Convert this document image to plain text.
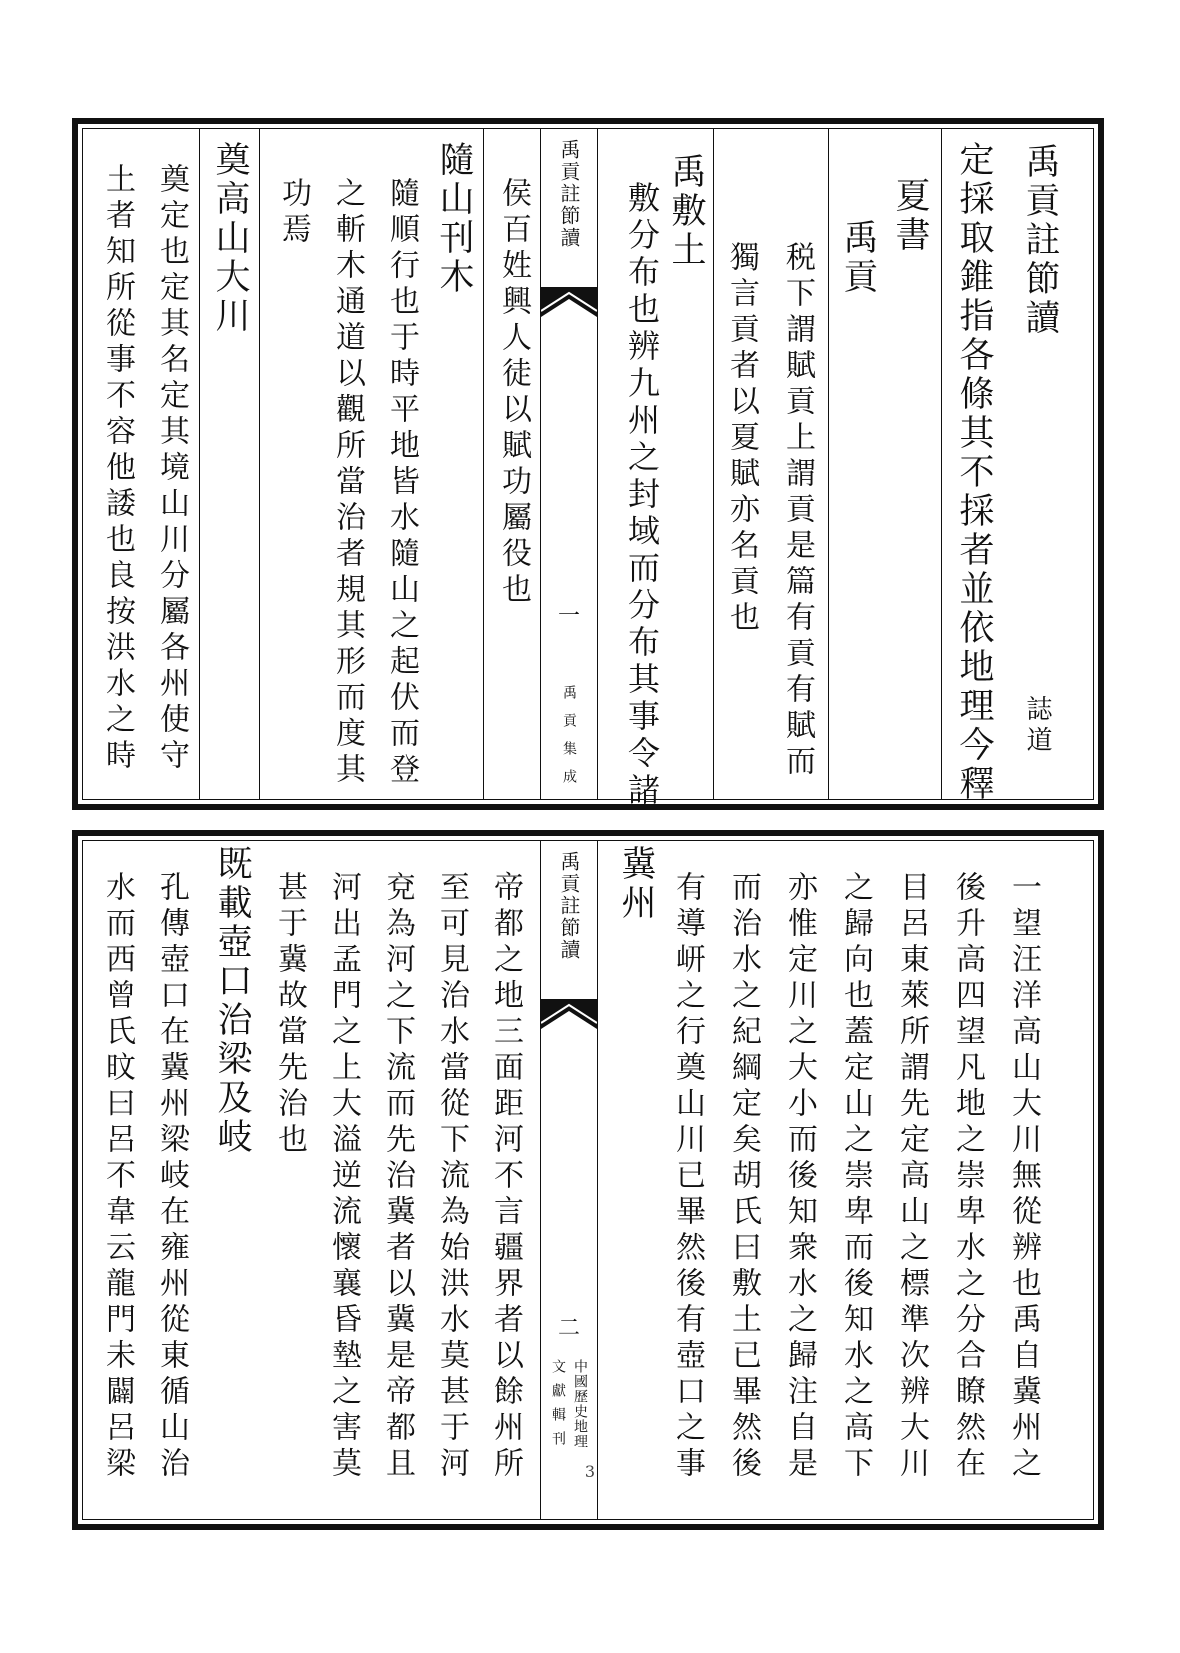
禹貢註節讀
定採取錐指各條其不採者並依地理今釋
夏書
禹貢
税下謂賦貢上謂貢是篇有貢有賦而
獨言貢者以夏賦亦名貢也
禹敷土
敷分布也辨九州之封域而分布其事令諸	誌道
禹貢註節讀
一
禹
貢
集
成
侯百姓興人徒以賦功屬役也
隨山刊木
隨順行也于時平地皆水隨山之起伏而登
之斬木通道以觀所當治者規其形而度其
功焉
奠高山大川
奠定也定其名定其境山川分屬各州使守
土者知所從事不容他諉也良按洪水之時
一望汪洋高山大川無從辨也禹自冀州之
後升高四望凡地之崇卑水之分合瞭然在
目呂東萊所謂先定高山之標準次辨大川
之歸向也蓋定山之崇卑而後知水之高下
亦惟定川之大小而後知衆水之歸注自是
而治水之紀綱定矣胡氏曰敷土已畢然後
有導岍之行奠山川已畢然後有壺口之事
冀州
禹貢註節讀
二
中國歷史地理
文獻輯刊
帝都之地三面距河不言疆界者以餘州所
至可見治水當從下流為始洪水莫甚于河
兗為河之下流而先治冀者以冀是帝都且
河出孟門之上大溢逆流懷襄昏墊之害莫
甚于冀故當先治也
既載壺口治梁及岐
孔傳壺口在冀州梁岐在雍州從東循山治
水而西曾氏旼曰呂不韋云龍門未闢呂梁	3
